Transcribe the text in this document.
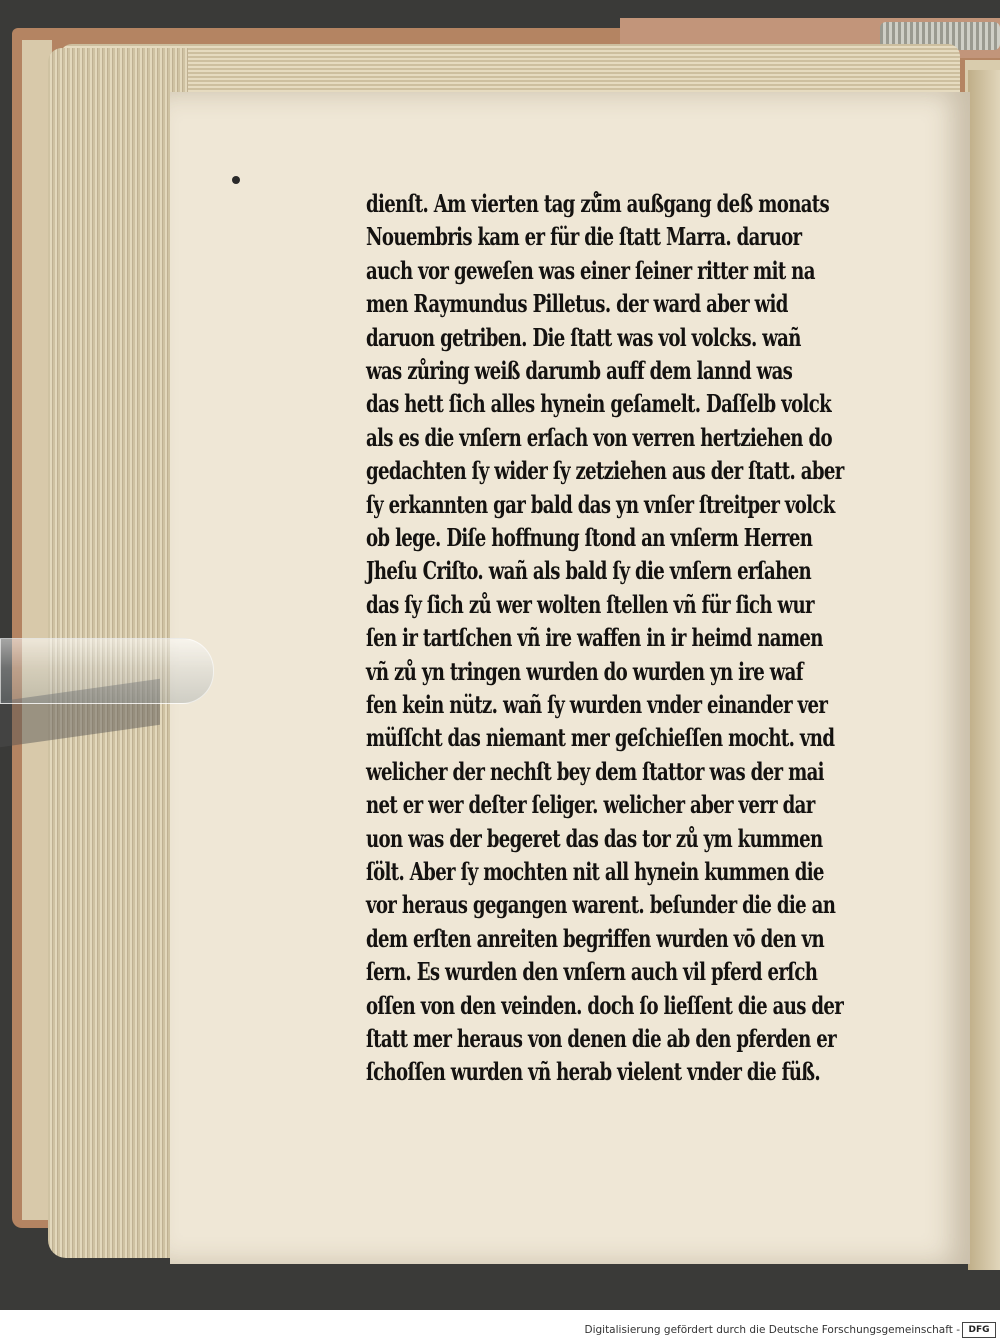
dienſt. Am vierten tag zů̄m außgang deß monats
Nouembris kam er für die ſtatt Marra. daruor
auch vor geweſen was einer ſeiner ritter mit na
men Raymundus Pilletus. der ward aber wid
daruon getriben. Die ſtatt was vol volcks. wañ
was zůring weiß darumb auff dem lannd was
das hett ſich alles hynein geſamelt. Daſſelb volck
als es die vnſern erſach von verren hertziehen do
gedachten ſy wider ſy zetziehen aus der ſtatt. aber
ſy erkannten gar bald das yn vnſer ſtreitper volck
ob lege. Diſe hoffnung ſtond an vnſerm Herren
Jheſu Criſto. wañ als bald ſy die vnſern erſahen
das ſy ſich zů wer wolten ſtellen vñ für ſich wur
ſen ir tartſchen vñ ire waffen in ir heimd namen
vñ zů yn tringen wurden do wurden yn ire waf
fen kein nütz. wañ ſy wurden vnder einander ver
müſſcht das niemant mer geſchieſſen mocht. vnd
welicher der nechſt bey dem ſtattor was der mai
net er wer deſter ſeliger. welicher aber verr dar
uon was der begeret das das tor zů ym kummen
ſölt. Aber ſy mochten nit all hynein kummen die
vor heraus gegangen warent. beſunder die die an
dem erſten anreiten begriffen wurden vō den vn
ſern. Es wurden den vnſern auch vil pferd erſch
oſſen von den veinden. doch ſo lieſſent die aus der
ſtatt mer heraus von denen die ab den pferden er
ſchoſſen wurden vñ herab vielent vnder die füß.
Digitalisierung gefördert durch die Deutsche Forschungsgemeinschaft - DFG
